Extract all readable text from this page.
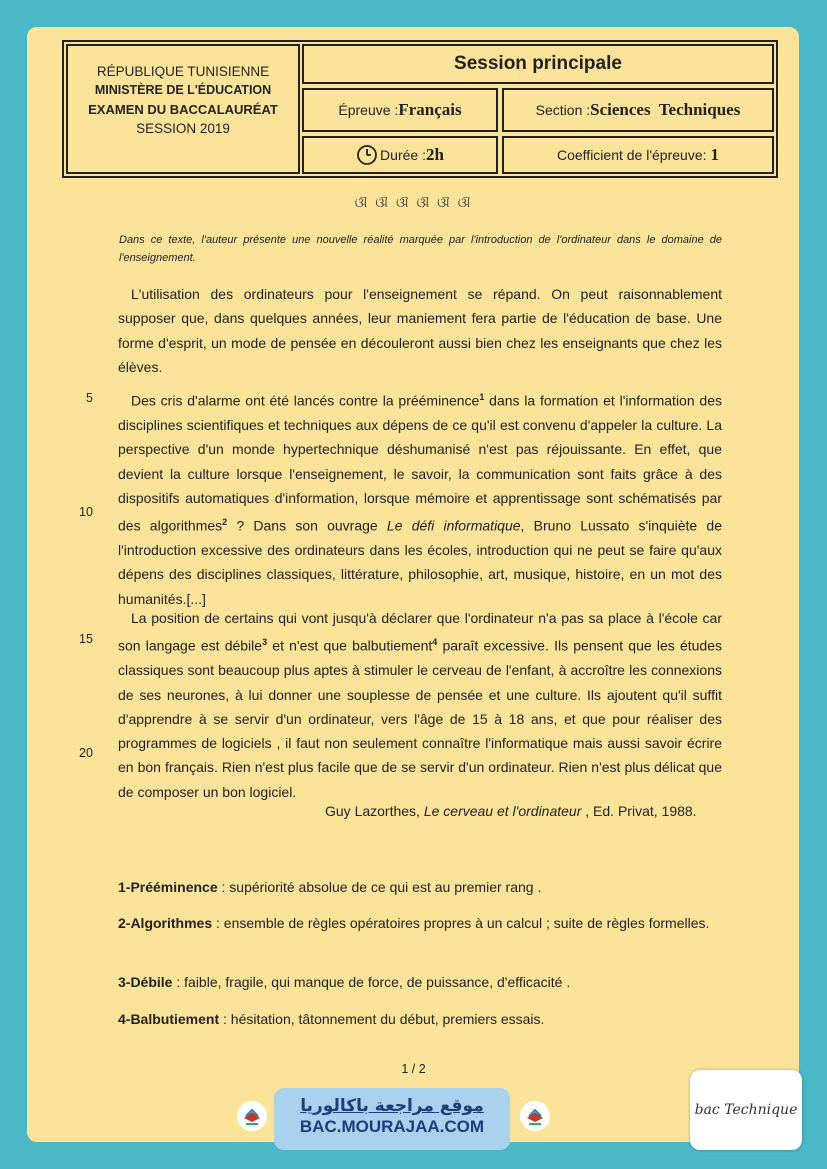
RÉPUBLIQUE TUNISIENNE
MINISTÈRE DE L'ÉDUCATION
EXAMEN DU BACCALAURÉAT
SESSION 2019
Session principale
Épreuve : Français	Section : Sciences  Techniques
Durée : 2h	Coefficient de l'épreuve: 1
ଔ ଔ ଔ ଔ ଔ ଔ
Dans ce texte, l'auteur présente une nouvelle réalité marquée par l'introduction de l'ordinateur dans le domaine de l'enseignement.

L'utilisation des ordinateurs pour l'enseignement se répand. On peut raisonnablement supposer que, dans quelques années, leur maniement fera partie de l'éducation de base. Une forme d'esprit, un mode de pensée en découleront aussi bien chez les enseignants que chez les élèves.

Des cris d'alarme ont été lancés contre la prééminence$^1$ dans la formation et l'information des disciplines scientifiques et techniques aux dépens de ce qu'il est convenu d'appeler la culture. La perspective d'un monde hypertechnique déshumanisé n'est pas réjouissante. En effet, que devient la culture lorsque l'enseignement, le savoir, la communication sont faits grâce à des dispositifs automatiques d'information, lorsque mémoire et apprentissage sont schématisés par des algorithmes$^2$ ? Dans son ouvrage Le défi informatique, Bruno Lussato s'inquiète de l'introduction excessive des ordinateurs dans les écoles, introduction qui ne peut se faire qu'aux dépens des disciplines classiques, littérature, philosophie, art, musique, histoire, en un mot des humanités.[...]

La position de certains qui vont jusqu'à déclarer que l'ordinateur n'a pas sa place à l'école car son langage est débile$^3$ et n'est que balbutiement$^4$ paraît excessive. Ils pensent que les études classiques sont beaucoup plus aptes à stimuler le cerveau de l'enfant, à accroître les connexions de ses neurones, à lui donner une souplesse de pensée et une culture. Ils ajoutent qu'il suffit d'apprendre à se servir d'un ordinateur, vers l'âge de 15 à 18 ans, et que pour réaliser des programmes de logiciels , il faut non seulement connaître l'informatique mais aussi savoir écrire en bon français. Rien n'est plus facile que de se servir d'un ordinateur. Rien n'est plus délicat que de composer un bon logiciel.

5
10
15
20
Guy Lazorthes, Le cerveau et l'ordinateur , Ed. Privat, 1988.
1-Prééminence : supériorité absolue de ce qui est au premier rang .
2-Algorithmes : ensemble de règles opératoires propres à un calcul ; suite de règles formelles.
3-Débile : faible, fragile, qui manque de force, de puissance, d'efficacité .
4-Balbutiement : hésitation, tâtonnement du début, premiers essais.
1 / 2
موقع مراجعة باكالوريا
BAC.MOURAJAA.COM
bac Technique
